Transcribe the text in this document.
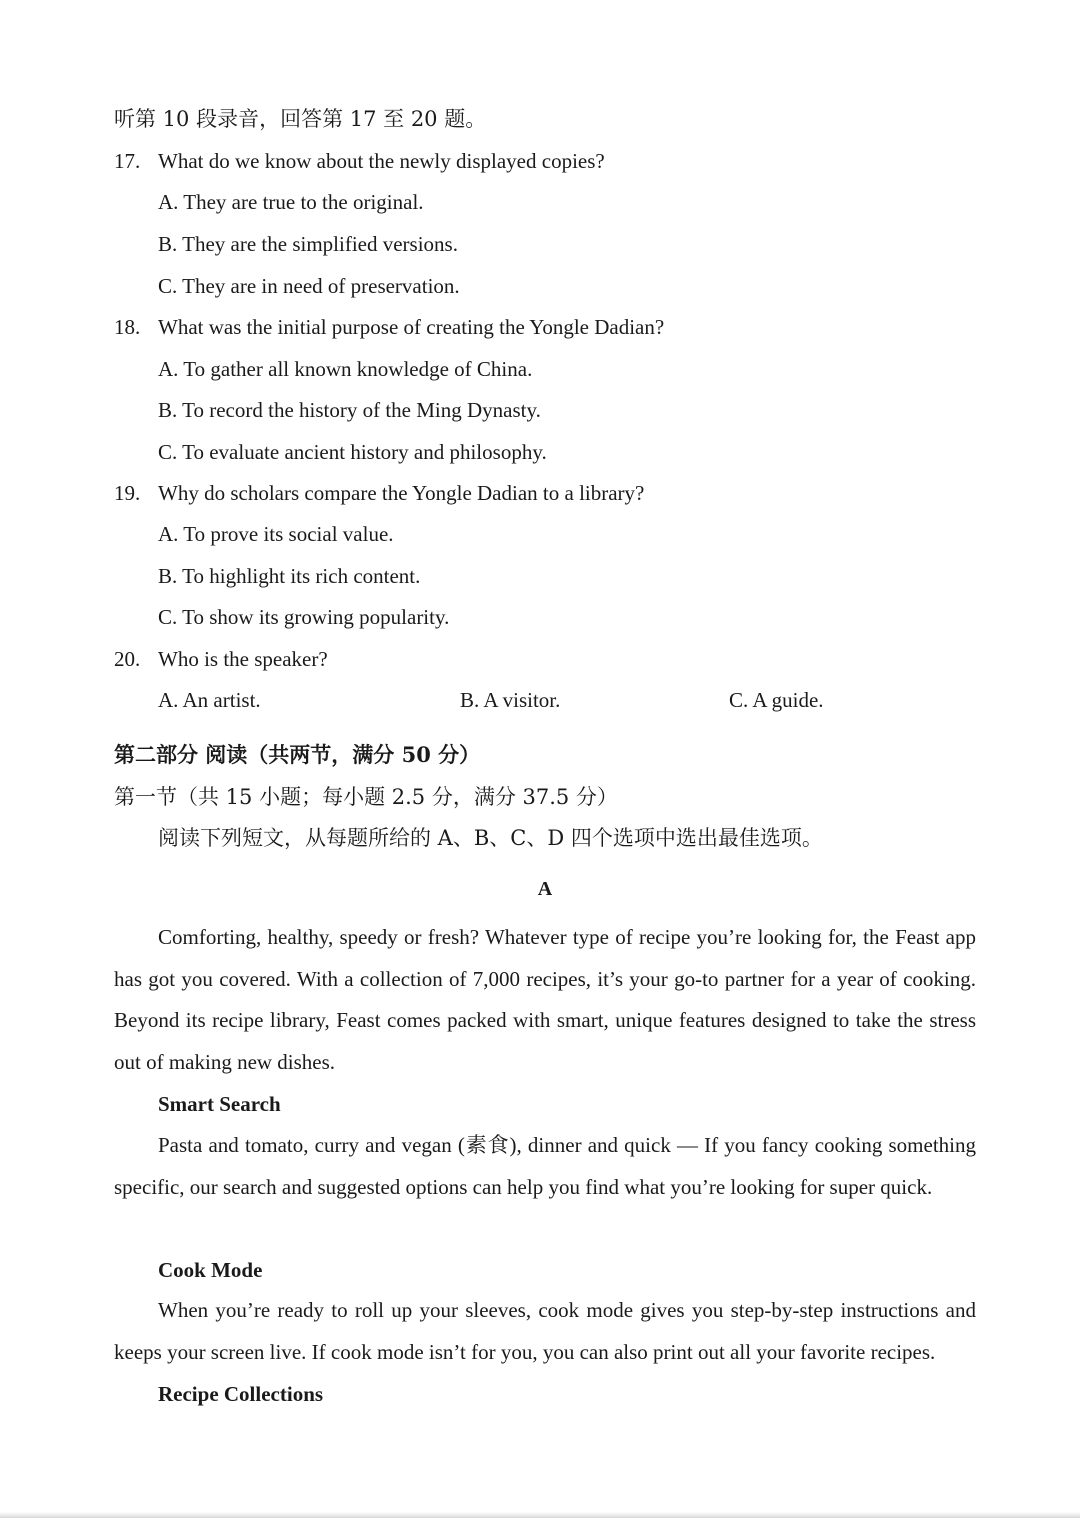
听第 10 段录音，回答第 17 至 20 题。
17. What do we know about the newly displayed copies?
A. They are true to the original.
B. They are the simplified versions.
C. They are in need of preservation.
18. What was the initial purpose of creating the Yongle Dadian?
A. To gather all known knowledge of China.
B. To record the history of the Ming Dynasty.
C. To evaluate ancient history and philosophy.
19. Why do scholars compare the Yongle Dadian to a library?
A. To prove its social value.
B. To highlight its rich content.
C. To show its growing popularity.
20. Who is the speaker?
A. An artist.	B. A visitor.	C. A guide.
第二部分 阅读（共两节，满分 50 分）
第一节（共 15 小题；每小题 2.5 分，满分 37.5 分）
阅读下列短文，从每题所给的 A、B、C、D 四个选项中选出最佳选项。
A
Comforting, healthy, speedy or fresh? Whatever type of recipe you’re looking for, the Feast app has got you covered. With a collection of 7,000 recipes, it’s your go-to partner for a year of cooking. Beyond its recipe library, Feast comes packed with smart, unique features designed to take the stress out of making new dishes.
Smart Search
Pasta and tomato, curry and vegan (素食), dinner and quick — If you fancy cooking something specific, our search and suggested options can help you find what you’re looking for super quick.
Cook Mode
When you’re ready to roll up your sleeves, cook mode gives you step-by-step instructions and keeps your screen live. If cook mode isn’t for you, you can also print out all your favorite recipes.
Recipe Collections
